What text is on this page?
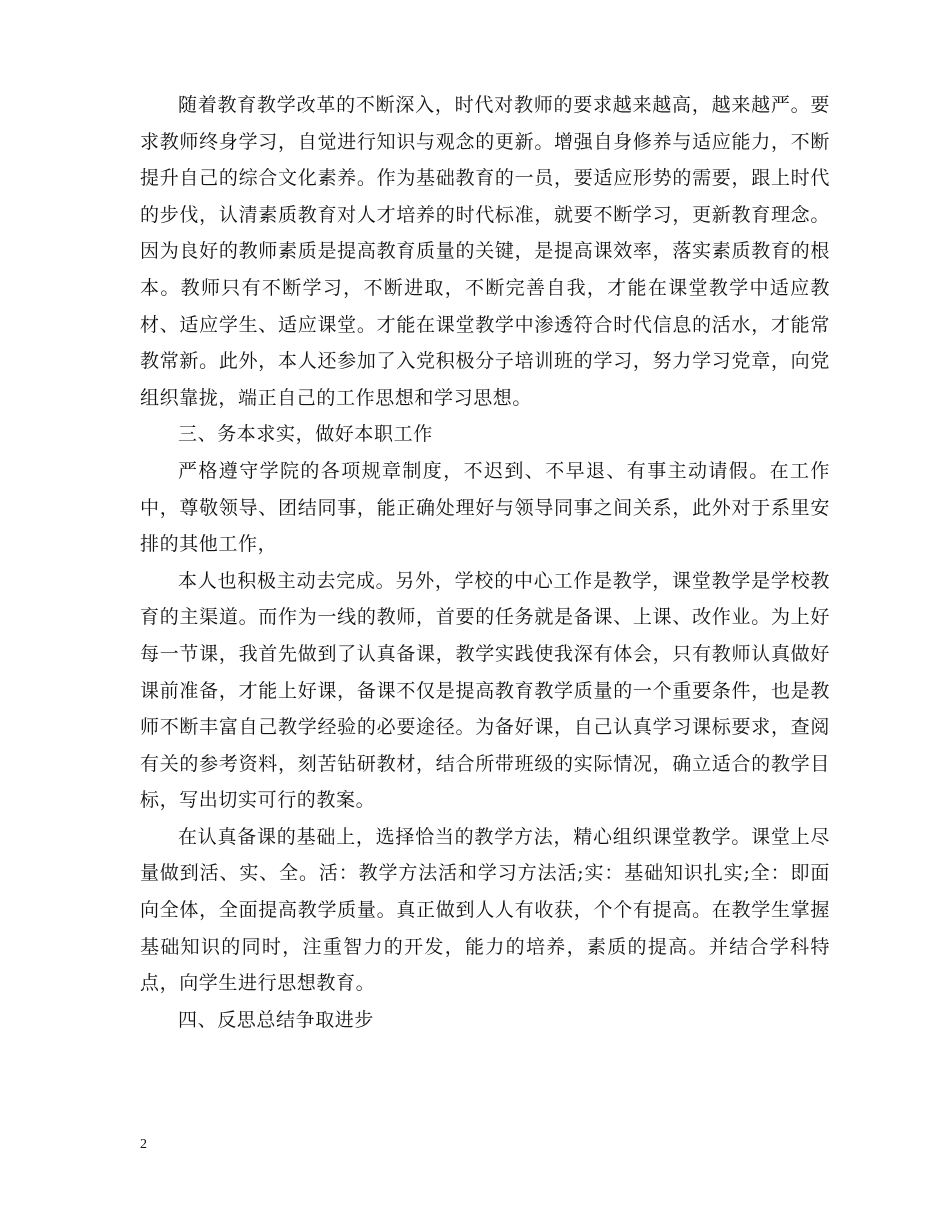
随着教育教学改革的不断深入，时代对教师的要求越来越高，越来越严。要求教师终身学习，自觉进行知识与观念的更新。增强自身修养与适应能力，不断提升自己的综合文化素养。作为基础教育的一员，要适应形势的需要，跟上时代的步伐，认清素质教育对人才培养的时代标准，就要不断学习，更新教育理念。因为良好的教师素质是提高教育质量的关键，是提高课效率，落实素质教育的根本。教师只有不断学习，不断进取，不断完善自我，才能在课堂教学中适应教材、适应学生、适应课堂。才能在课堂教学中渗透符合时代信息的活水，才能常教常新。此外，本人还参加了入党积极分子培训班的学习，努力学习党章，向党组织靠拢，端正自己的工作思想和学习思想。

三、务本求实，做好本职工作

严格遵守学院的各项规章制度，不迟到、不早退、有事主动请假。在工作中，尊敬领导、团结同事，能正确处理好与领导同事之间关系，此外对于系里安排的其他工作，

本人也积极主动去完成。另外，学校的中心工作是教学，课堂教学是学校教育的主渠道。而作为一线的教师，首要的任务就是备课、上课、改作业。为上好每一节课，我首先做到了认真备课，教学实践使我深有体会，只有教师认真做好课前准备，才能上好课，备课不仅是提高教育教学质量的一个重要条件，也是教师不断丰富自己教学经验的必要途径。为备好课，自己认真学习课标要求，查阅有关的参考资料，刻苦钻研教材，结合所带班级的实际情况，确立适合的教学目标，写出切实可行的教案。

在认真备课的基础上，选择恰当的教学方法，精心组织课堂教学。课堂上尽量做到活、实、全。活：教学方法活和学习方法活;实：基础知识扎实;全：即面向全体，全面提高教学质量。真正做到人人有收获，个个有提高。在教学生掌握基础知识的同时，注重智力的开发，能力的培养，素质的提高。并结合学科特点，向学生进行思想教育。

四、反思总结争取进步

2
